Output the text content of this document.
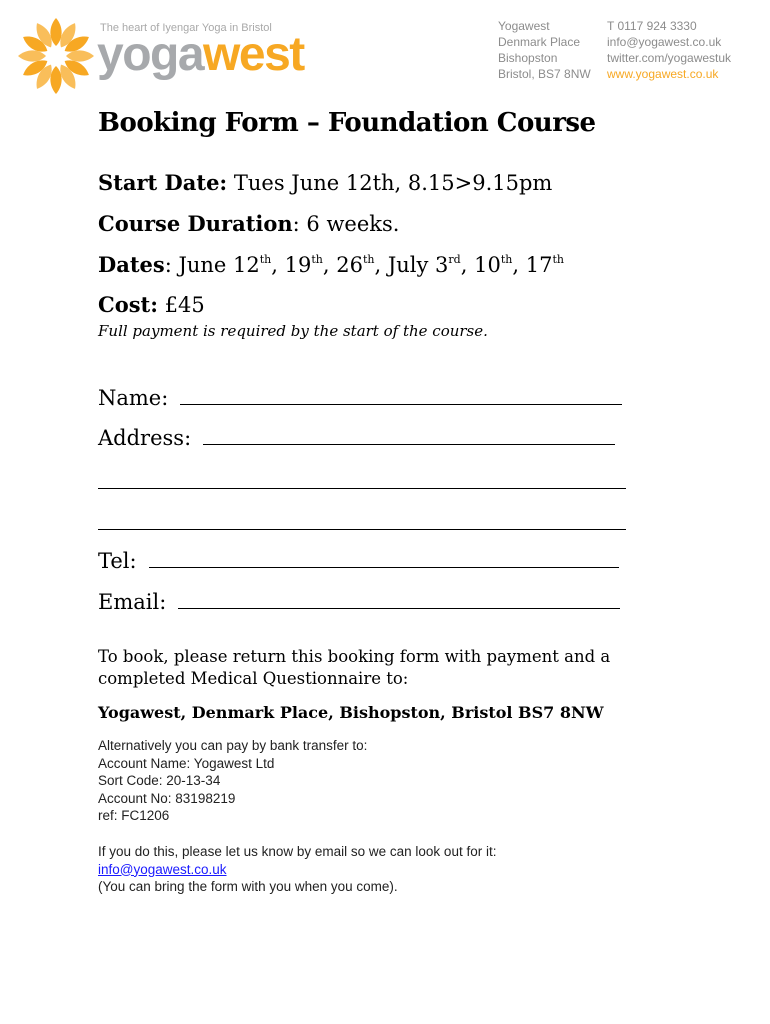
The heart of Iyengar Yoga in Bristol
yogawest
Yogawest
Denmark Place
Bishopston
Bristol, BS7 8NW
T 0117 924 3330
info@yogawest.co.uk
twitter.com/yogawestuk
www.yogawest.co.uk
Booking Form – Foundation Course
Start Date: Tues June 12th, 8.15>9.15pm
Course Duration: 6 weeks.
Dates: June 12th, 19th, 26th, July 3rd, 10th, 17th
Cost: £45
Full payment is required by the start of the course.
Name:
Address:
Tel:
Email:
To book, please return this booking form with payment and a completed Medical Questionnaire to:
Yogawest, Denmark Place, Bishopston, Bristol BS7 8NW
Alternatively you can pay by bank transfer to:
Account Name: Yogawest Ltd
Sort Code: 20-13-34
Account No: 83198219
ref: FC1206
If you do this, please let us know by email so we can look out for it:
info@yogawest.co.uk
(You can bring the form with you when you come).
